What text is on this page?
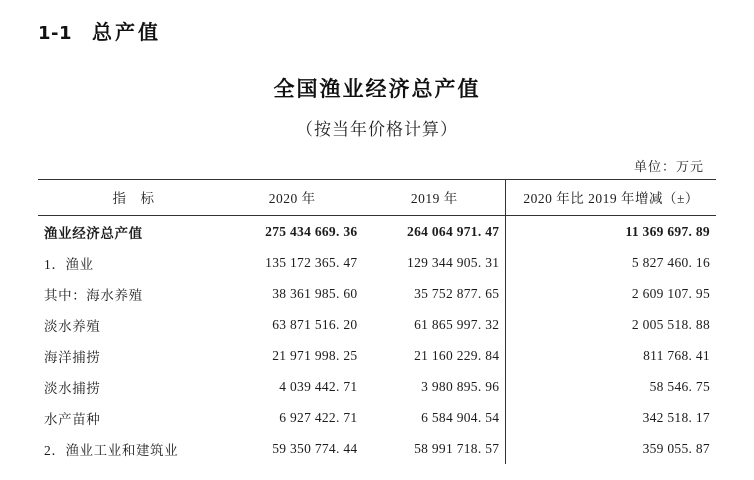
1-1 总产值
全国渔业经济总产值
（按当年价格计算）
单位：万元
指　标	2020 年	2019 年	2020 年比 2019 年增减（±）
渔业经济总产值	275 434 669. 36	264 064 971. 47	11 369 697. 89
1．渔业	135 172 365. 47	129 344 905. 31	5 827 460. 16
其中：海水养殖	38 361 985. 60	35 752 877. 65	2 609 107. 95
淡水养殖	63 871 516. 20	61 865 997. 32	2 005 518. 88
海洋捕捞	21 971 998. 25	21 160 229. 84	811 768. 41
淡水捕捞	4 039 442. 71	3 980 895. 96	58 546. 75
水产苗种	6 927 422. 71	6 584 904. 54	342 518. 17
2．渔业工业和建筑业	59 350 774. 44	58 991 718. 57	359 055. 87
